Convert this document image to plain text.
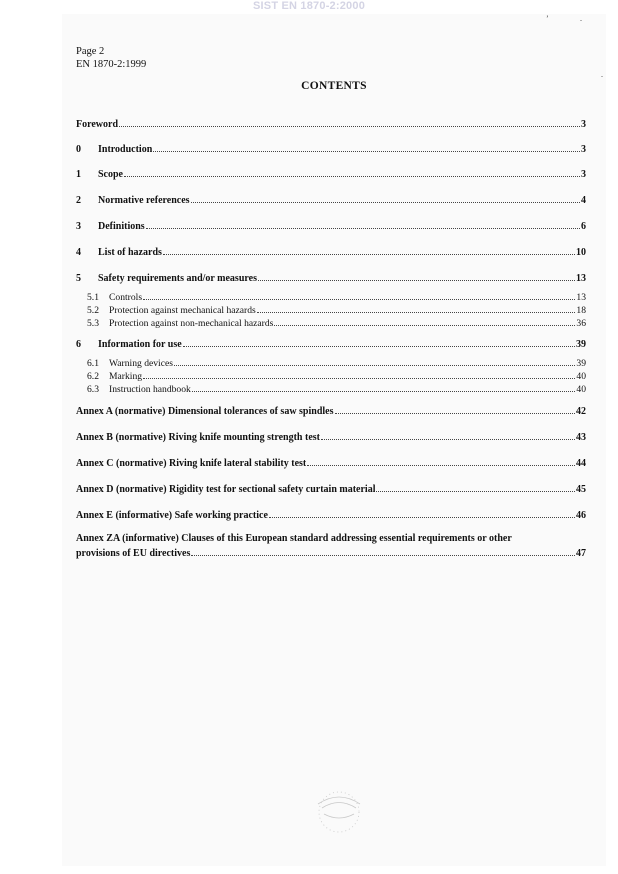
SIST EN 1870-2:2000
’	.
.
Page 2
EN 1870-2:1999
CONTENTS
Foreword	3
0	Introduction	3
1	Scope	3
2	Normative references	4
3	Definitions	6
4	List of hazards	10
5	Safety requirements and/or measures	13
5.1	Controls	13
5.2	Protection against mechanical hazards	18
5.3	Protection against non-mechanical hazards	36
6	Information for use	39
6.1	Warning devices	39
6.2	Marking	40
6.3	Instruction handbook	40
Annex A (normative) Dimensional tolerances of saw spindles	42
Annex B (normative) Riving knife mounting strength test	43
Annex C (normative) Riving knife lateral stability test	44
Annex D (normative) Rigidity test for sectional safety curtain material	45
Annex E (informative) Safe working practice	46
Annex ZA (informative) Clauses of this European standard addressing essential requirements or other
provisions of EU directives	47
